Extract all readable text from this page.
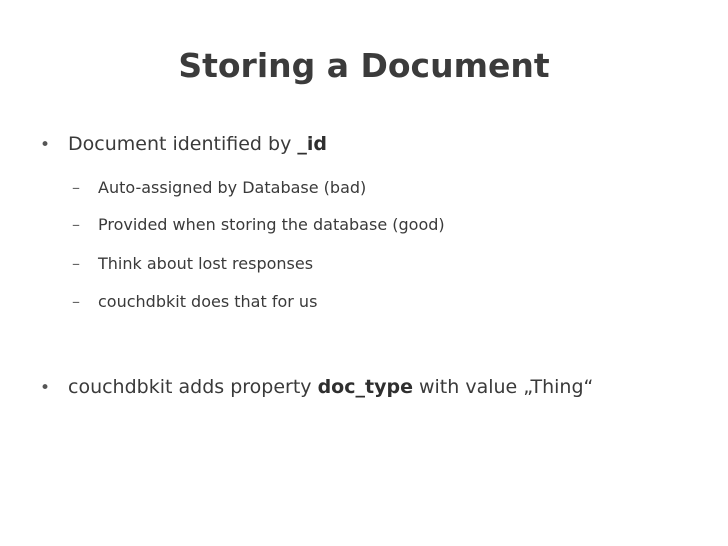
Storing a Document
• Document identified by _id
– Auto-assigned by Database (bad)
– Provided when storing the database (good)
– Think about lost responses
– couchdbkit does that for us
• couchdbkit adds property doc_type with value „Thing“
